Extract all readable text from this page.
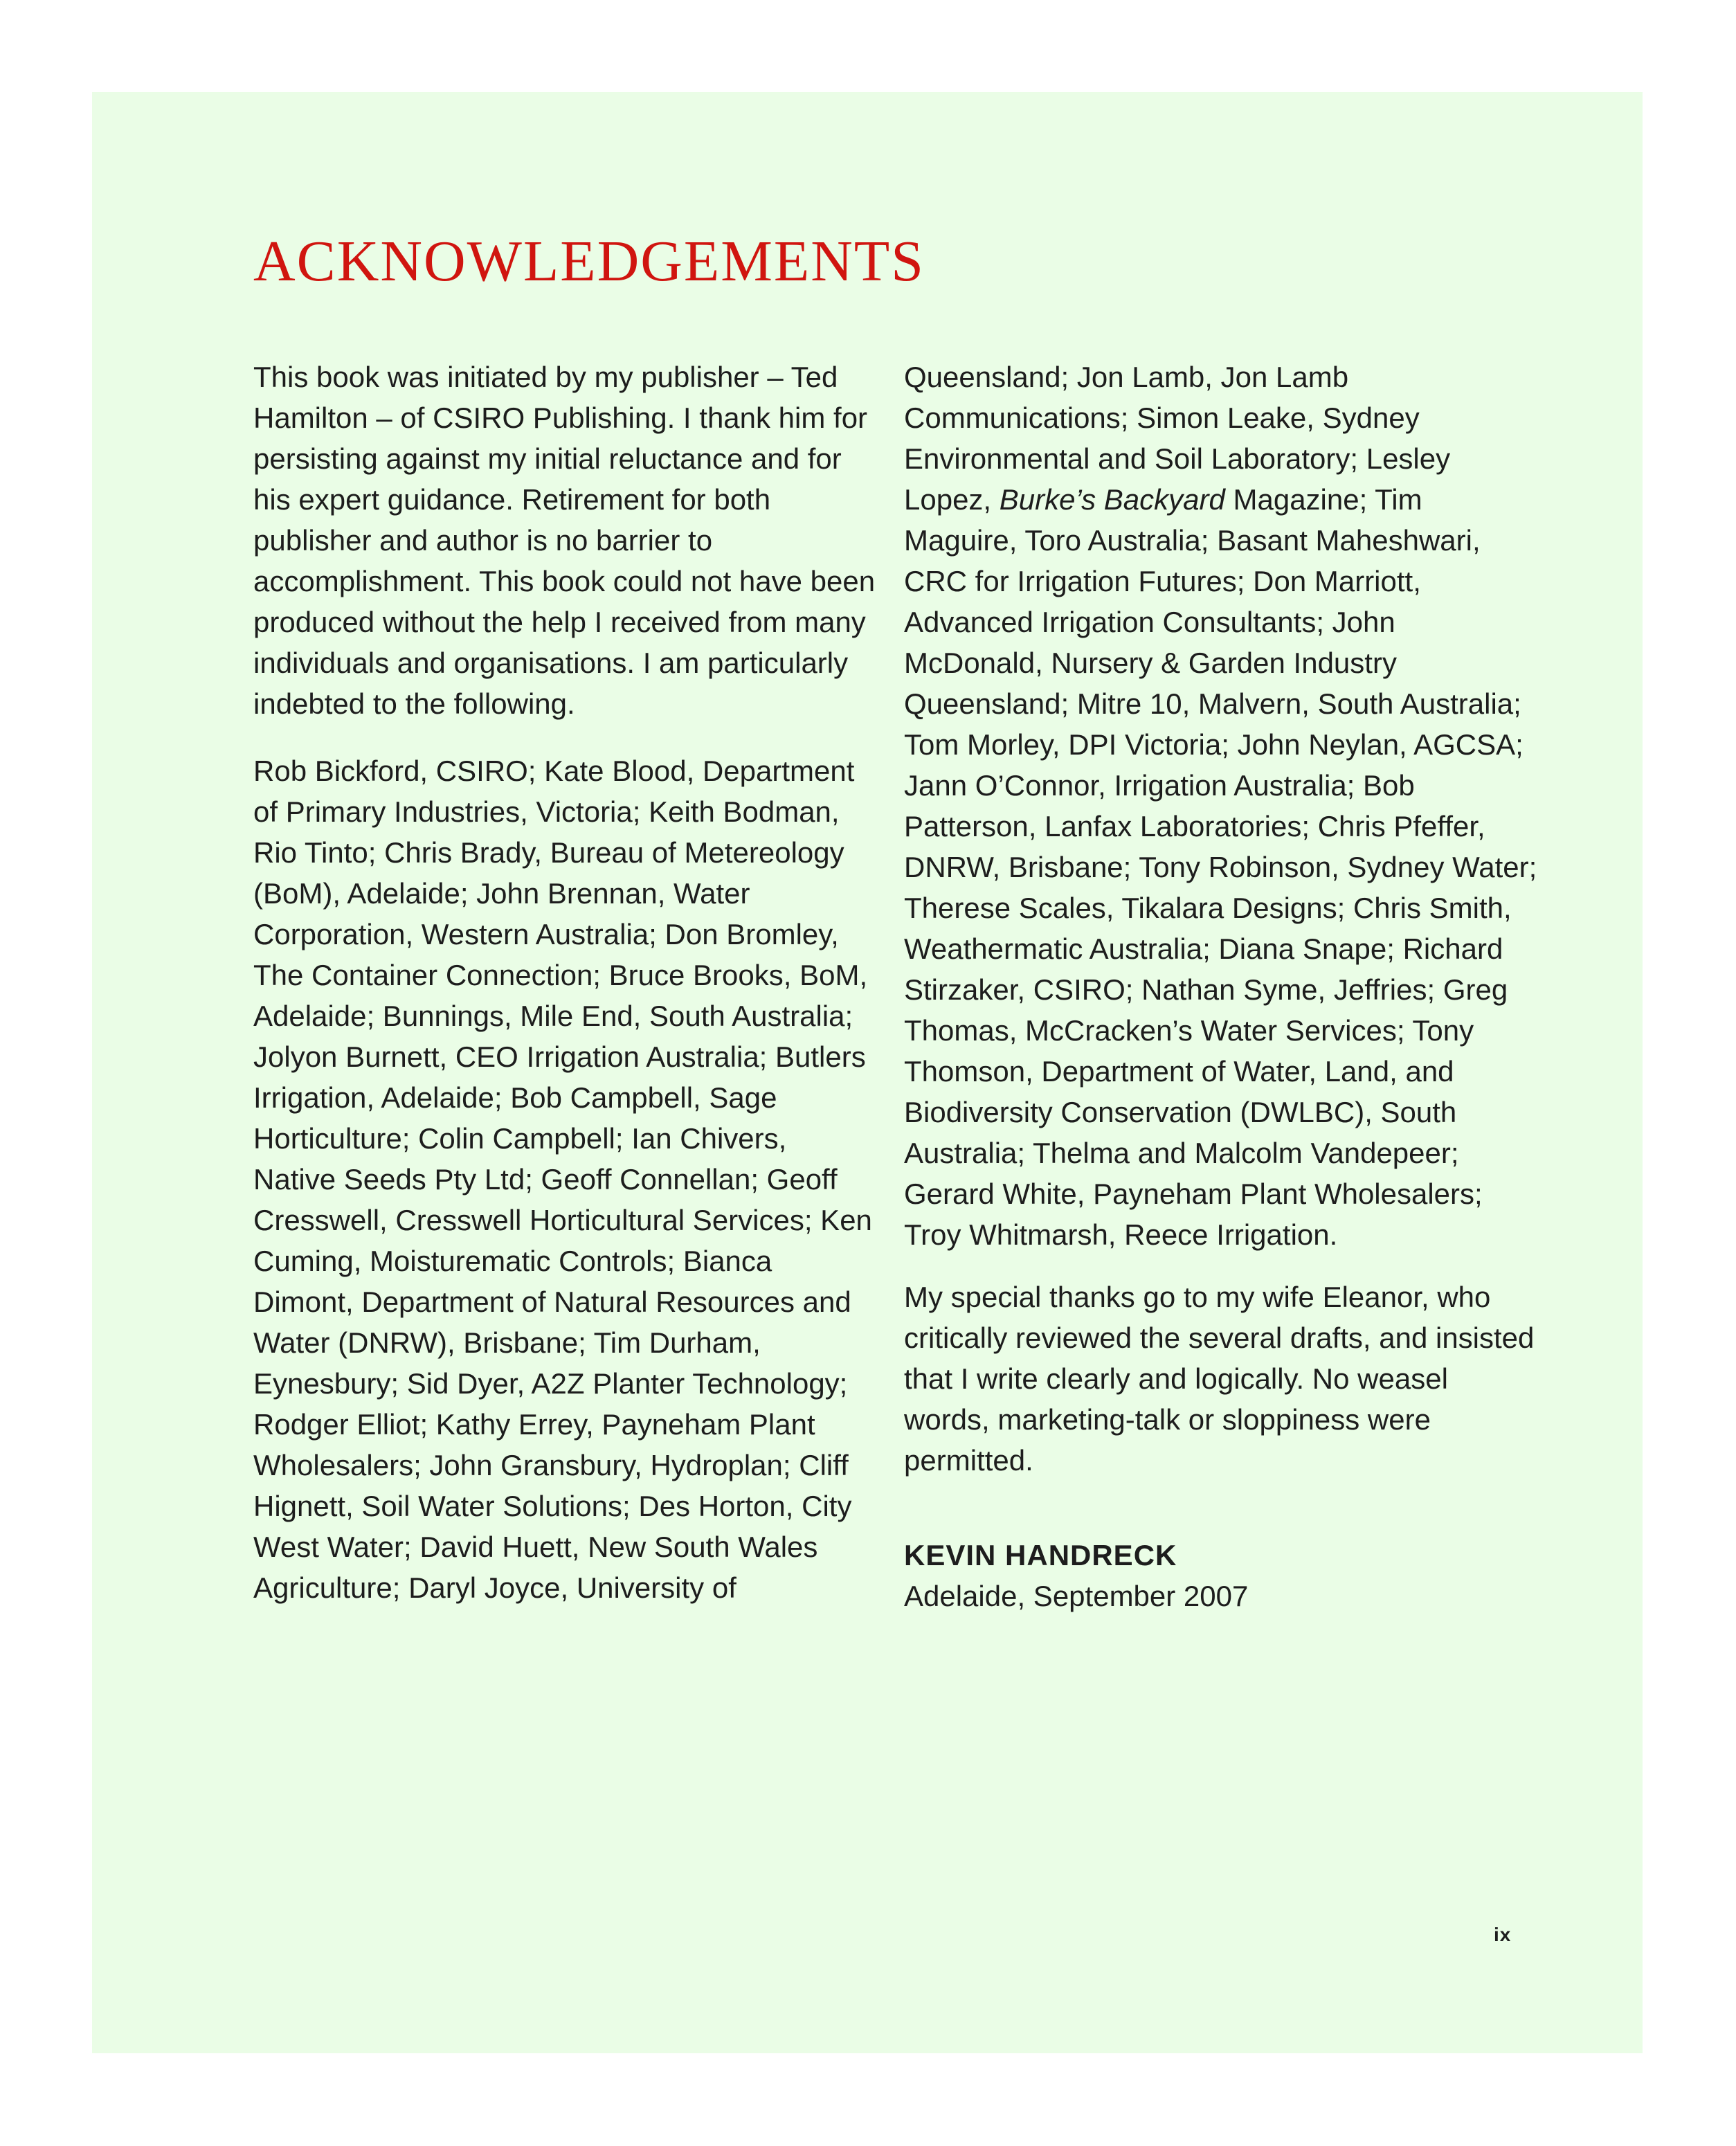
ACKNOWLEDGEMENTS

This book was initiated by my publisher – Ted Hamilton – of CSIRO Publishing. I thank him for persisting against my initial reluctance and for his expert guidance. Retirement for both publisher and author is no barrier to accomplishment. This book could not have been produced without the help I received from many individuals and organisations. I am particularly indebted to the following.

Rob Bickford, CSIRO; Kate Blood, Department of Primary Industries, Victoria; Keith Bodman, Rio Tinto; Chris Brady, Bureau of Metereology (BoM), Adelaide; John Brennan, Water Corporation, Western Australia; Don Bromley, The Container Connection; Bruce Brooks, BoM, Adelaide; Bunnings, Mile End, South Australia; Jolyon Burnett, CEO Irrigation Australia; Butlers Irrigation, Adelaide; Bob Campbell, Sage Horticulture; Colin Campbell; Ian Chivers, Native Seeds Pty Ltd; Geoff Connellan; Geoff Cresswell, Cresswell Horticultural Services; Ken Cuming, Moisturematic Controls; Bianca Dimont, Department of Natural Resources and Water (DNRW), Brisbane; Tim Durham, Eynesbury; Sid Dyer, A2Z Planter Technology; Rodger Elliot; Kathy Errey, Payneham Plant Wholesalers; John Gransbury, Hydroplan; Cliff Hignett, Soil Water Solutions; Des Horton, City West Water; David Huett, New South Wales Agriculture; Daryl Joyce, University of

Queensland; Jon Lamb, Jon Lamb Communications; Simon Leake, Sydney Environmental and Soil Laboratory; Lesley Lopez, Burke’s Backyard Magazine; Tim Maguire, Toro Australia; Basant Maheshwari, CRC for Irrigation Futures; Don Marriott, Advanced Irrigation Consultants; John McDonald, Nursery & Garden Industry Queensland; Mitre 10, Malvern, South Australia; Tom Morley, DPI Victoria; John Neylan, AGCSA; Jann O’Connor, Irrigation Australia; Bob Patterson, Lanfax Laboratories; Chris Pfeffer, DNRW, Brisbane; Tony Robinson, Sydney Water; Therese Scales, Tikalara Designs; Chris Smith, Weathermatic Australia; Diana Snape; Richard Stirzaker, CSIRO; Nathan Syme, Jeffries; Greg Thomas, McCracken’s Water Services; Tony Thomson, Department of Water, Land, and Biodiversity Conservation (DWLBC), South Australia; Thelma and Malcolm Vandepeer; Gerard White, Payneham Plant Wholesalers; Troy Whitmarsh, Reece Irrigation.

My special thanks go to my wife Eleanor, who critically reviewed the several drafts, and insisted that I write clearly and logically. No weasel words, marketing-talk or sloppiness were permitted.

KEVIN HANDRECK

Adelaide, September 2007

ix
